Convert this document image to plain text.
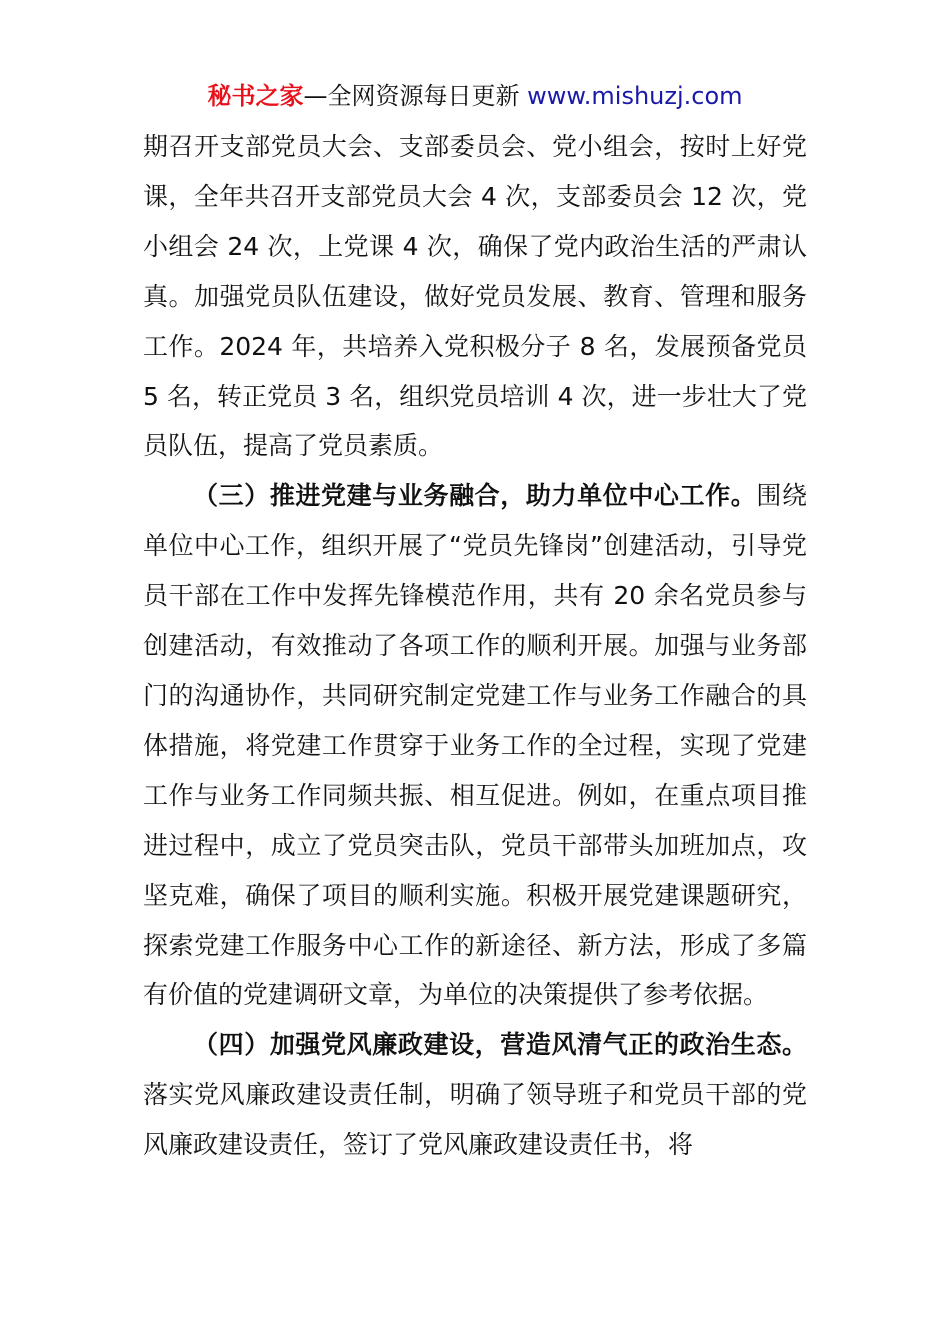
秘书之家—全网资源每日更新 www.mishuzj.com

期召开支部党员大会、支部委员会、党小组会，按时上好党课，全年共召开支部党员大会 4 次，支部委员会 12 次，党小组会 24 次，上党课 4 次，确保了党内政治生活的严肃认真。加强党员队伍建设，做好党员发展、教育、管理和服务工作。2024 年，共培养入党积极分子 8 名，发展预备党员 5 名，转正党员 3 名，组织党员培训 4 次，进一步壮大了党员队伍，提高了党员素质。

（三）推进党建与业务融合，助力单位中心工作。围绕单位中心工作，组织开展了“党员先锋岗”创建活动，引导党员干部在工作中发挥先锋模范作用，共有 20 余名党员参与创建活动，有效推动了各项工作的顺利开展。加强与业务部门的沟通协作，共同研究制定党建工作与业务工作融合的具体措施，将党建工作贯穿于业务工作的全过程，实现了党建工作与业务工作同频共振、相互促进。例如，在重点项目推进过程中，成立了党员突击队，党员干部带头加班加点，攻坚克难，确保了项目的顺利实施。积极开展党建课题研究，探索党建工作服务中心工作的新途径、新方法，形成了多篇有价值的党建调研文章，为单位的决策提供了参考依据。

（四）加强党风廉政建设，营造风清气正的政治生态。落实党风廉政建设责任制，明确了领导班子和党员干部的党风廉政建设责任，签订了党风廉政建设责任书，将
